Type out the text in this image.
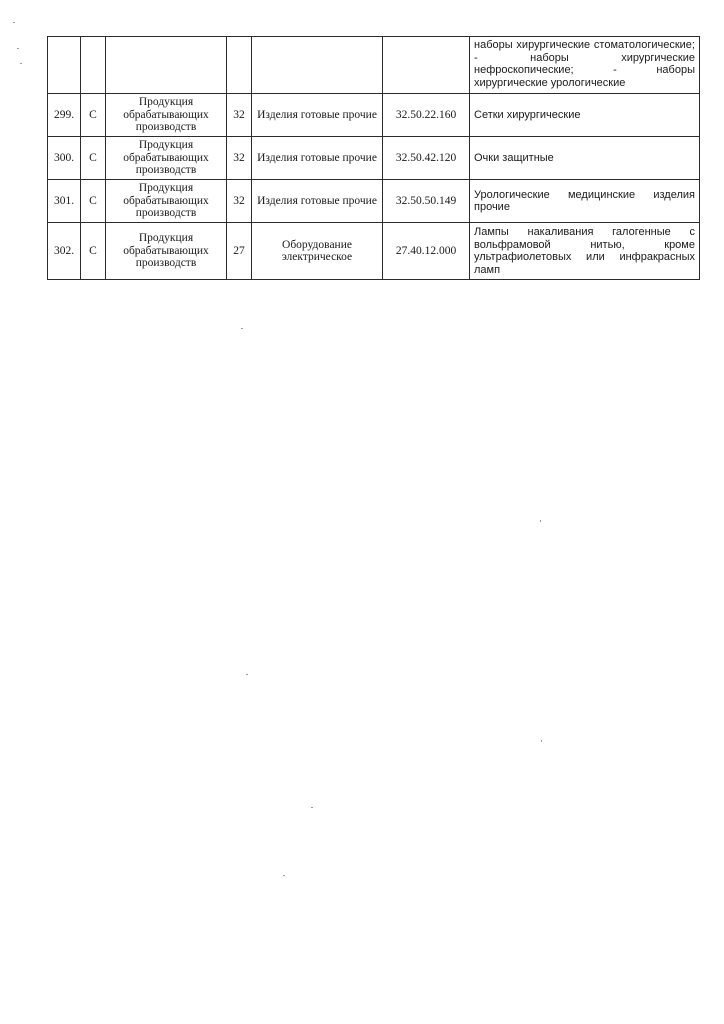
						наборы хирургические стоматологические; - наборы хирургические нефроскопические; - наборы хирургические урологические
299.	C	Продукция обрабатывающих производств	32	Изделия готовые прочие	32.50.22.160	Сетки хирургические
300.	C	Продукция обрабатывающих производств	32	Изделия готовые прочие	32.50.42.120	Очки защитные
301.	C	Продукция обрабатывающих производств	32	Изделия готовые прочие	32.50.50.149	Урологические медицинские изделия прочие
302.	C	Продукция обрабатывающих производств	27	Оборудование электрическое	27.40.12.000	Лампы накаливания галогенные с вольфрамовой нитью, кроме ультрафиолетовых или инфракрасных ламп
